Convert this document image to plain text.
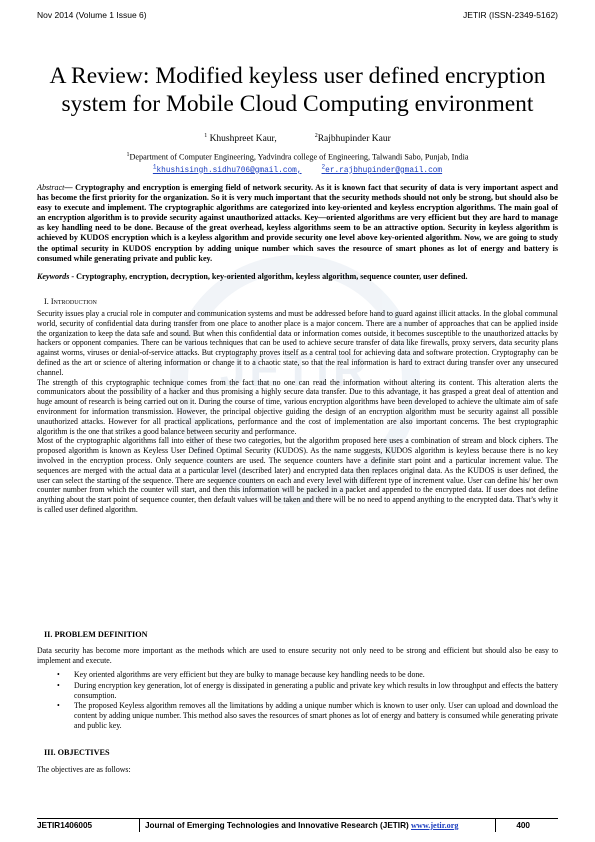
Nov 2014 (Volume 1 Issue 6)	JETIR (ISSN-2349-5162)
JETIR
A Review: Modified keyless user defined encryption system for Mobile Cloud Computing environment
$^1$ Khushpreet Kaur,	$^2$Rajbhupinder Kaur
$^1$Department of Computer Engineering, Yadvindra college of Engineering, Talwandi Sabo, Punjab, India
$^1$khushisingh.sidhu706@gmail.com,$^2$er.rajbhupinder@gmail.com
Abstract— Cryptography and encryption is emerging field of network security. As it is known fact that security of data is very important aspect and has become the first priority for the organization. So it is very much important that the security methods should not only be strong, but should also be easy to execute and implement. The cryptographic algorithms are categorized into key-oriented and keyless encryption algorithms. The main goal of an encryption algorithm is to provide security against unauthorized attacks. Key—oriented algorithms are very efficient but they are hard to manage as key handling need to be done. Because of the great overhead, keyless algorithms seem to be an attractive option. Security in keyless algorithm is achieved by KUDOS encryption which is a keyless algorithm and provide security one level above key-oriented algorithm. Now, we are going to study the optimal security in KUDOS encryption by adding unique number which saves the resource of smart phones as lot of energy and battery is consumed while generating private and public key.
Keywords - Cryptography, encryption, decryption, key-oriented algorithm, keyless algorithm, sequence counter, user defined.
I. Introduction

Security issues play a crucial role in computer and communication systems and must be addressed before hand to guard against illicit attacks. In the global communal world, security of confidential data during transfer from one place to another place is a major concern. There are a number of approaches that can be applied inside the organization to keep the data safe and sound. But when this confidential data or information comes outside, it becomes susceptible to the unauthorized attacks by hackers or opponent companies. There can be various techniques that can be used to achieve secure transfer of data like firewalls, proxy servers, data security plans against worms, viruses or denial-of-service attacks. But cryptography proves itself as a central tool for achieving data and software protection. Cryptography can be defined as the art or science of altering information or change it to a chaotic state, so that the real information is hard to extract during transfer over any unsecured channel.

The strength of this cryptographic technique comes from the fact that no one can read the information without altering its content. This alteration alerts the communicators about the possibility of a hacker and thus promising a highly secure data transfer. Due to this advantage, it has grasped a great deal of attention and huge amount of research is being carried out on it. During the course of time, various encryption algorithms have been developed to achieve the ultimate aim of safe environment for information transmission. However, the principal objective guiding the design of an encryption algorithm must be security against all possible unauthorized attacks. However for all practical applications, performance and the cost of implementation are also important concerns. The best cryptographic algorithm is the one that strikes a good balance between security and performance.

Most of the cryptographic algorithms fall into either of these two categories, but the algorithm proposed here uses a combination of stream and block ciphers. The proposed algorithm is known as Keyless User Defined Optimal Security (KUDOS). As the name suggests, KUDOS algorithm is keyless because there is no key involved in the encryption process. Only sequence counters are used. The sequence counters have a definite start point and a particular increment value. The sequences are merged with the actual data at a particular level (described later) and encrypted data then replaces original data. As the KUDOS is user defined, the user can select the starting of the sequence. There are sequence counters on each and every level with different type of increment value. User can define his/ her own counter number from which the counter will start, and then this information will be packed in a packet and appended to the encrypted data. If user does not define anything about the start point of sequence counter, then default values will be taken and there will be no need to append anything to the encrypted data. That’s why it is called user defined algorithm.

II. PROBLEM DEFINITION
Data security has become more important as the methods which are used to ensure security not only need to be strong and efficient but should also be easy to implement and execute.
• Key oriented algorithms are very efficient but they are bulky to manage because key handling needs to be done.
• During encryption key generation, lot of energy is dissipated in generating a public and private key which results in low throughput and effects the battery consumption.
• The proposed Keyless algorithm removes all the limitations by adding a unique number which is known to user only. User can upload and download the content by adding unique number. This method also saves the resources of smart phones as lot of energy and battery is consumed while generating private and public key.
III. OBJECTIVES
The objectives are as follows:
JETIR1406005	Journal of Emerging Technologies and Innovative Research (JETIR) www.jetir.org	400
